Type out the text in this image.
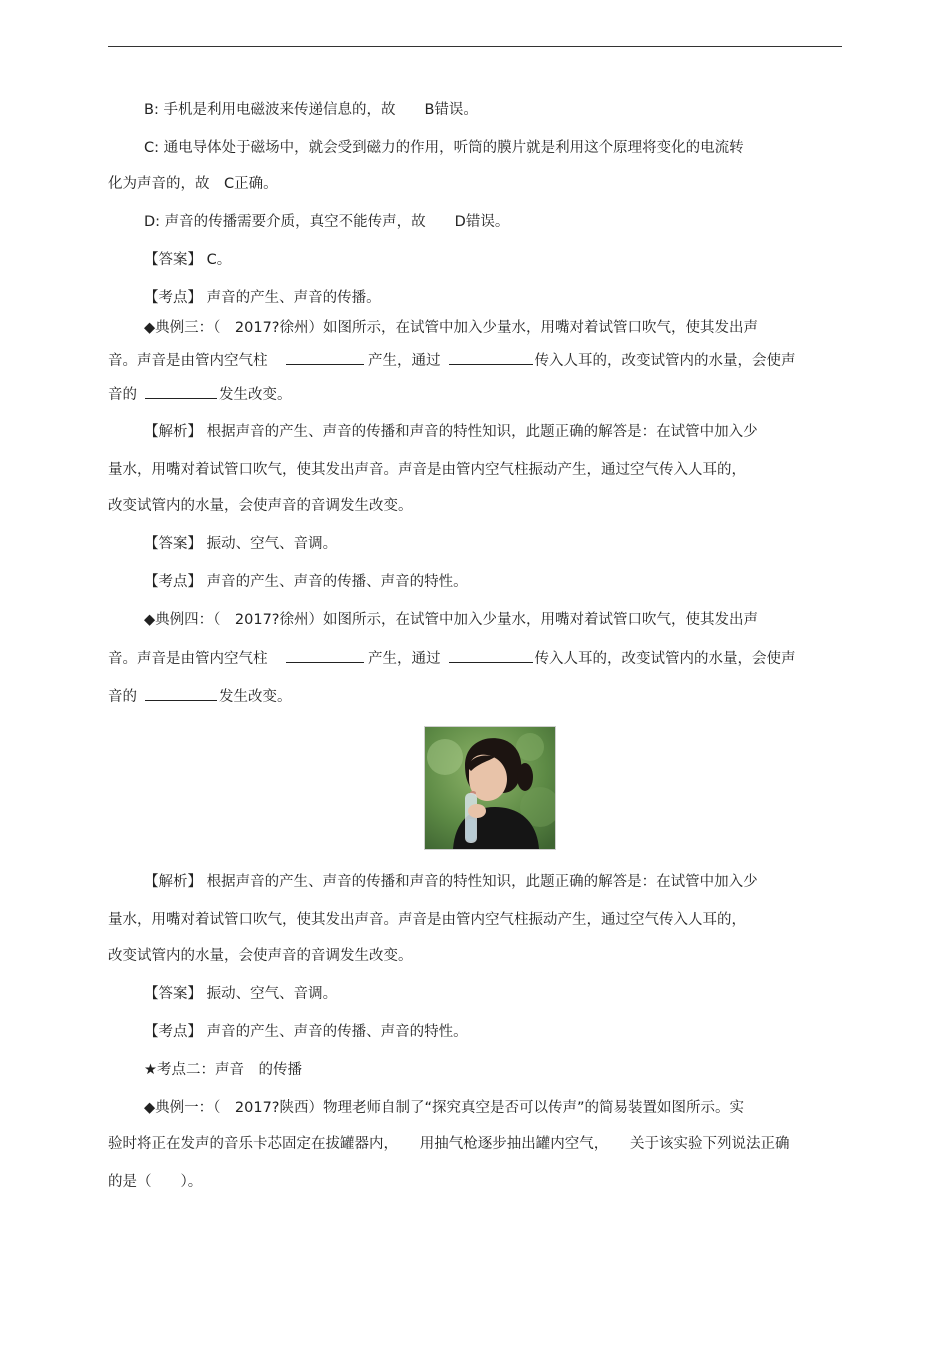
B: 手机是利用电磁波来传递信息的，故　　B错误。
C: 通电导体处于磁场中，就会受到磁力的作用，听筒的膜片就是利用这个原理将变化的电流转
化为声音的，故　C正确。
D: 声音的传播需要介质，真空不能传声，故　　D错误。
【答案】 C。
【考点】 声音的产生、声音的传播。
◆典例三：（　2017?徐州）如图所示，在试管中加入少量水，用嘴对着试管口吹气，使其发出声
音。声音是由管内空气柱　	产生，通过	传入人耳的，改变试管内的水量，会使声
音的	发生改变。
【解析】 根据声音的产生、声音的传播和声音的特性知识，此题正确的解答是：在试管中加入少
量水，用嘴对着试管口吹气，使其发出声音。声音是由管内空气柱振动产生，通过空气传入人耳的，
改变试管内的水量，会使声音的音调发生改变。
【答案】 振动、空气、音调。
【考点】 声音的产生、声音的传播、声音的特性。
◆典例四：（　2017?徐州）如图所示，在试管中加入少量水，用嘴对着试管口吹气，使其发出声
音。声音是由管内空气柱　	产生，通过	传入人耳的，改变试管内的水量，会使声
音的	发生改变。
【解析】 根据声音的产生、声音的传播和声音的特性知识，此题正确的解答是：在试管中加入少
量水，用嘴对着试管口吹气，使其发出声音。声音是由管内空气柱振动产生，通过空气传入人耳的，
改变试管内的水量，会使声音的音调发生改变。
【答案】 振动、空气、音调。
【考点】 声音的产生、声音的传播、声音的特性。
★考点二：声音　的传播
◆典例一：（　2017?陕西）物理老师自制了“探究真空是否可以传声”的简易装置如图所示。实
验时将正在发声的音乐卡芯固定在拔罐器内，　　用抽气枪逐步抽出罐内空气，　　关于该实验下列说法正确
的是（　　）。
